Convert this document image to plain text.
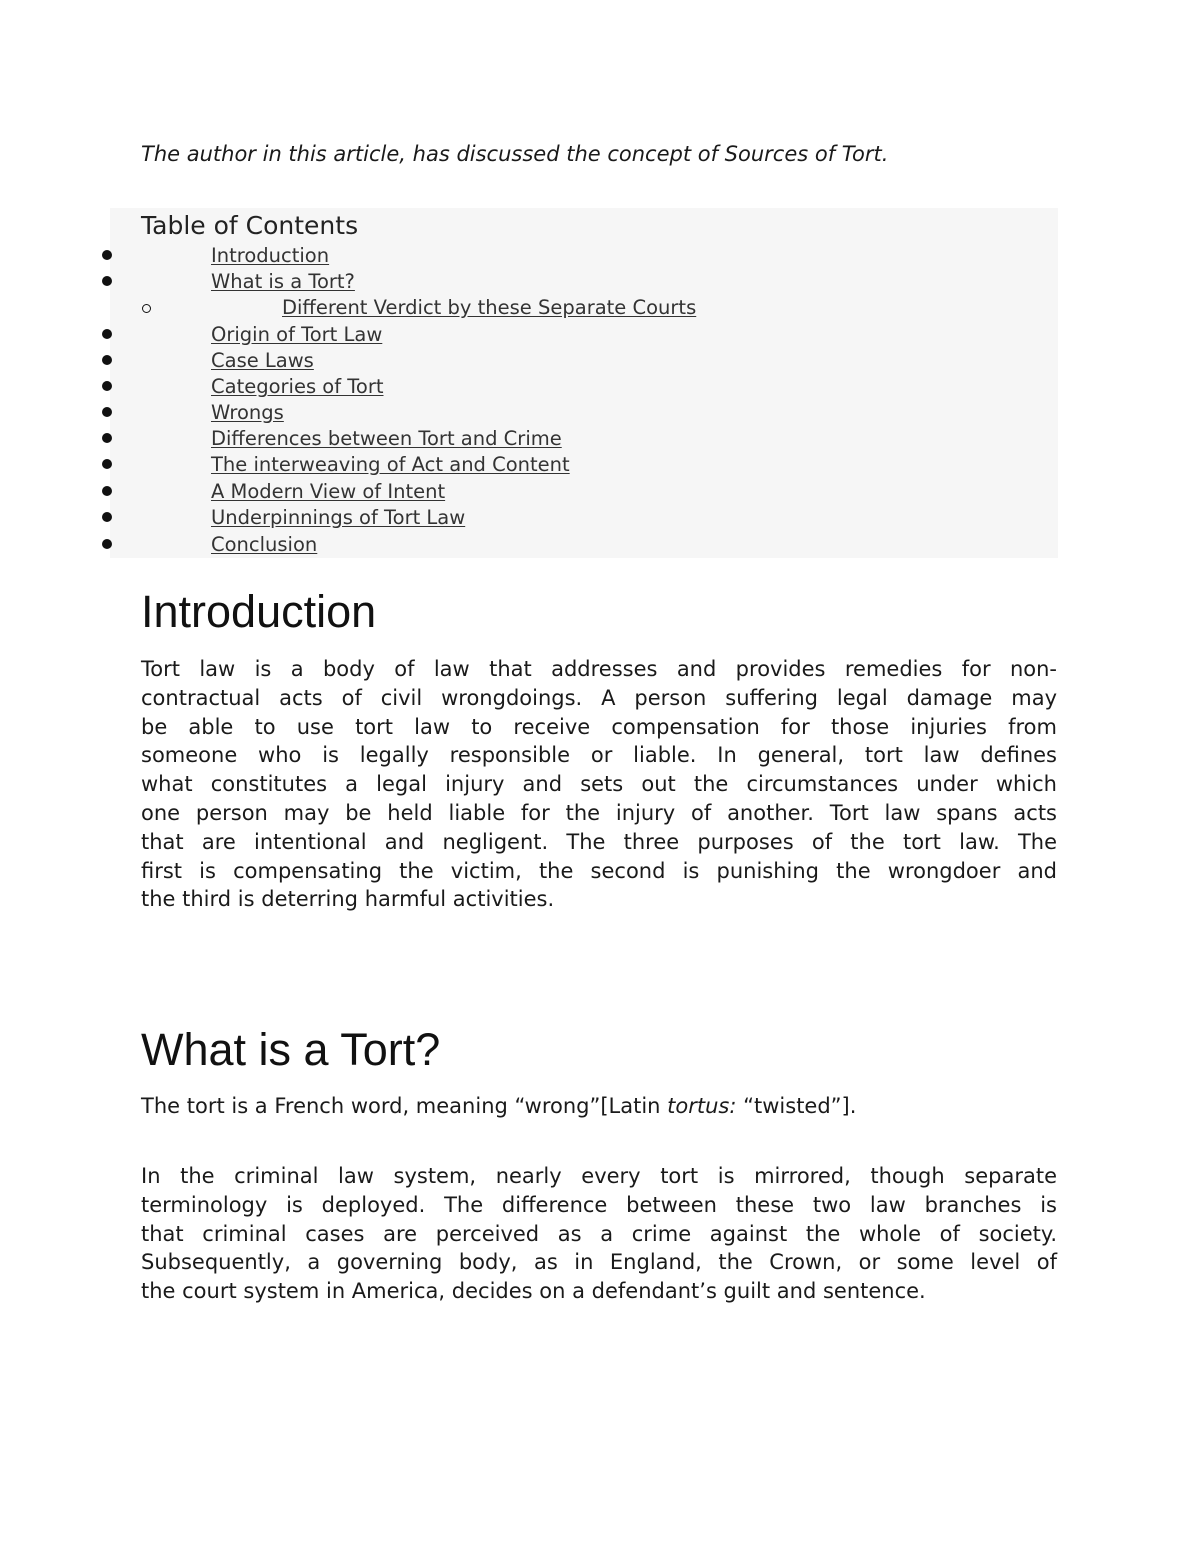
The author in this article, has discussed the concept of Sources of Tort.
Table of Contents
Introduction
What is a Tort?
Different Verdict by these Separate Courts
Origin of Tort Law
Case Laws
Categories of Tort
Wrongs
Differences between Tort and Crime
The interweaving of Act and Content
A Modern View of Intent
Underpinnings of Tort Law
Conclusion
Introduction
Tort law is a body of law that addresses and provides remedies for non-
contractual acts of civil wrongdoings. A person suffering legal damage may
be able to use tort law to receive compensation for those injuries from
someone who is legally responsible or liable. In general, tort law defines
what constitutes a legal injury and sets out the circumstances under which
one person may be held liable for the injury of another. Tort law spans acts
that are intentional and negligent. The three purposes of the tort law. The
first is compensating the victim, the second is punishing the wrongdoer and
the third is deterring harmful activities.
What is a Tort?
The tort is a French word, meaning “wrong”[Latin tortus: “twisted”].
In the criminal law system, nearly every tort is mirrored, though separate
terminology is deployed. The difference between these two law branches is
that criminal cases are perceived as a crime against the whole of society.
Subsequently, a governing body, as in England, the Crown, or some level of
the court system in America, decides on a defendant’s guilt and sentence.
